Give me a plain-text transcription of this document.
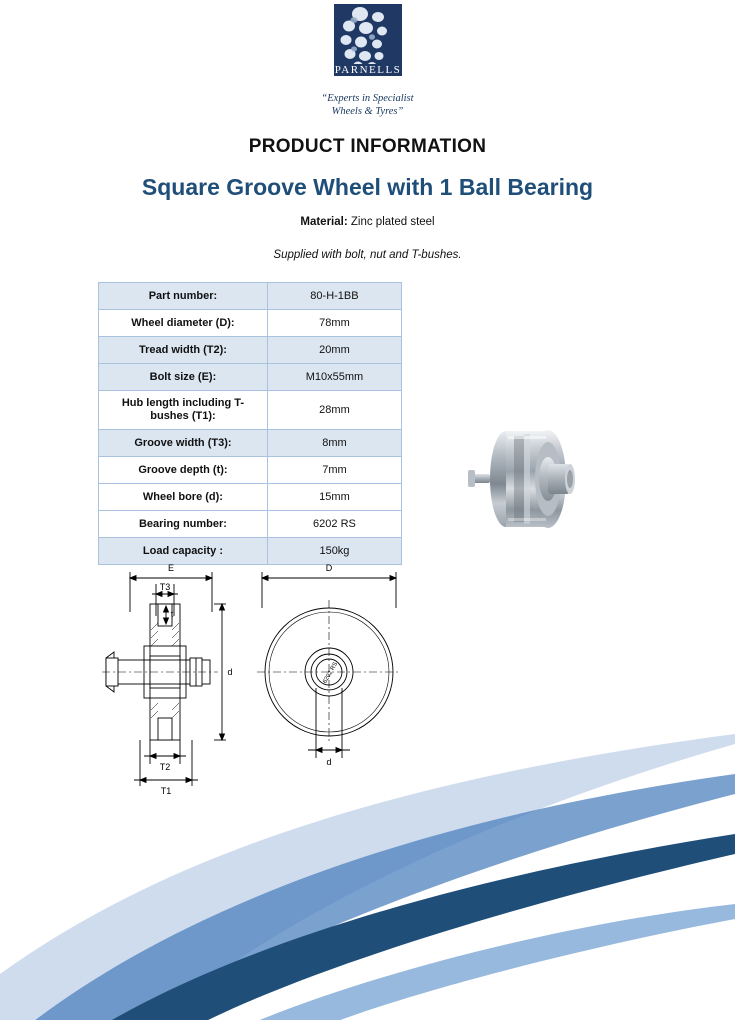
PARNELLS
“Experts in Specialist
Wheels & Tyres”
PRODUCT INFORMATION
Square Groove Wheel with 1 Ball Bearing
Material: Zinc plated steel
Supplied with bolt, nut and T-bushes.
Part number:	80-H-1BB
Wheel diameter (D):	78mm
Tread width (T2):	20mm
Bolt size (E):	M10x55mm
Hub length including T-bushes (T1):	28mm
Groove width (T3):	8mm
Groove depth (t):	7mm
Wheel bore (d):	15mm
Bearing number:	6202 RS
Load capacity :	150kg
E
T3
t
d
T2
T1
D
6202 RS
d
